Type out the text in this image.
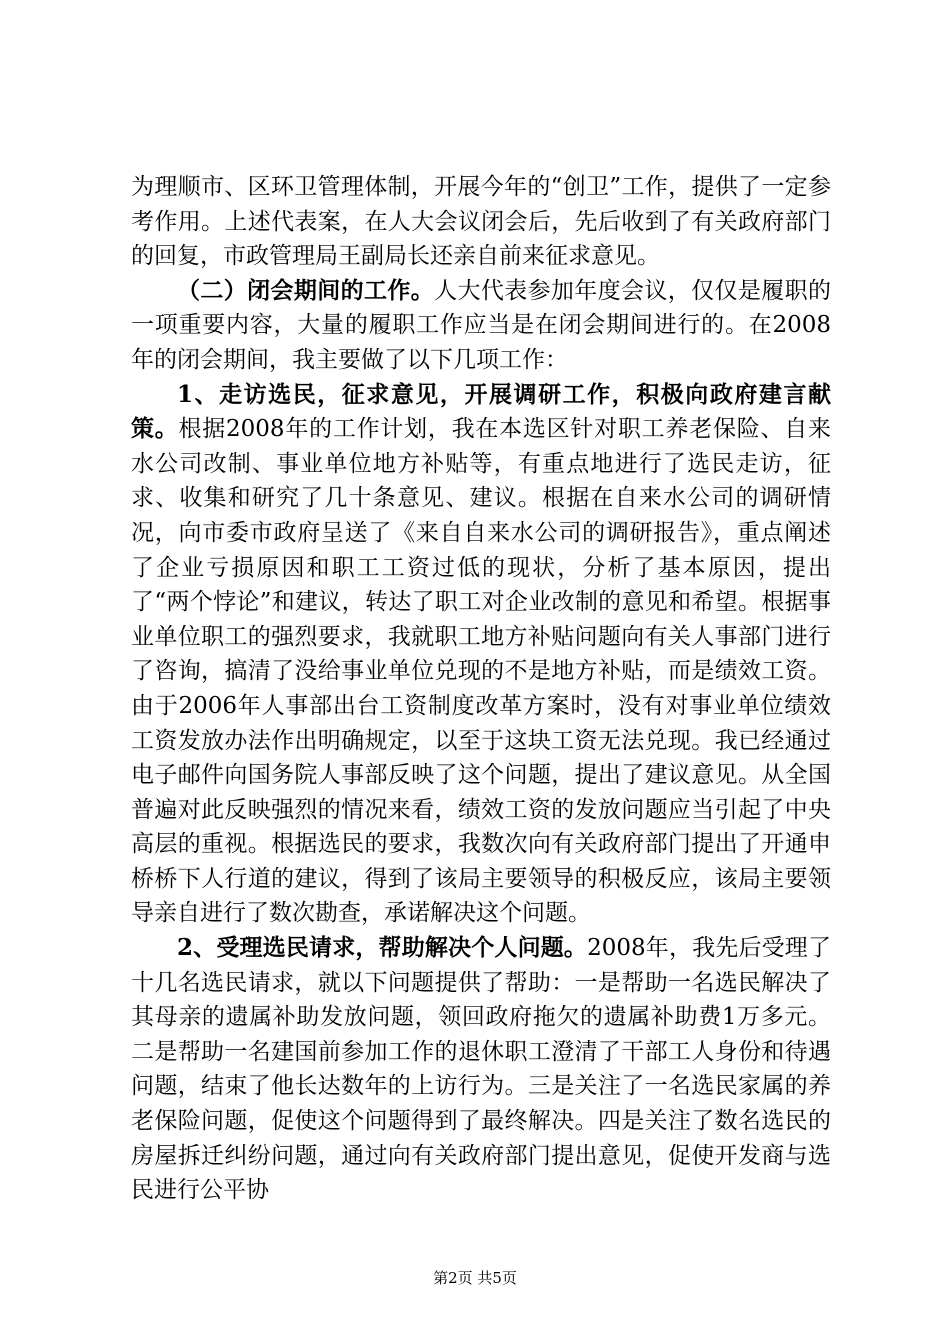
为理顺市、区环卫管理体制，开展今年的“创卫”工作，提供了一定参考作用。上述代表案，在人大会议闭会后，先后收到了有关政府部门的回复，市政管理局王副局长还亲自前来征求意见。

（二）闭会期间的工作。人大代表参加年度会议，仅仅是履职的一项重要内容，大量的履职工作应当是在闭会期间进行的。在2008年的闭会期间，我主要做了以下几项工作：

1、走访选民，征求意见，开展调研工作，积极向政府建言献策。根据2008年的工作计划，我在本选区针对职工养老保险、自来水公司改制、事业单位地方补贴等，有重点地进行了选民走访，征求、收集和研究了几十条意见、建议。根据在自来水公司的调研情况，向市委市政府呈送了《来自自来水公司的调研报告》，重点阐述了企业亏损原因和职工工资过低的现状，分析了基本原因，提出了“两个悖论”和建议，转达了职工对企业改制的意见和希望。根据事业单位职工的强烈要求，我就职工地方补贴问题向有关人事部门进行了咨询，搞清了没给事业单位兑现的不是地方补贴，而是绩效工资。由于2006年人事部出台工资制度改革方案时，没有对事业单位绩效工资发放办法作出明确规定，以至于这块工资无法兑现。我已经通过电子邮件向国务院人事部反映了这个问题，提出了建议意见。从全国普遍对此反映强烈的情况来看，绩效工资的发放问题应当引起了中央高层的重视。根据选民的要求，我数次向有关政府部门提出了开通申桥桥下人行道的建议，得到了该局主要领导的积极反应，该局主要领导亲自进行了数次勘查，承诺解决这个问题。

2、受理选民请求，帮助解决个人问题。2008年，我先后受理了十几名选民请求，就以下问题提供了帮助：一是帮助一名选民解决了其母亲的遗属补助发放问题，领回政府拖欠的遗属补助费1万多元。二是帮助一名建国前参加工作的退休职工澄清了干部工人身份和待遇问题，结束了他长达数年的上访行为。三是关注了一名选民家属的养老保险问题，促使这个问题得到了最终解决。四是关注了数名选民的房屋拆迁纠纷问题，通过向有关政府部门提出意见，促使开发商与选民进行公平协

第2页 共5页
